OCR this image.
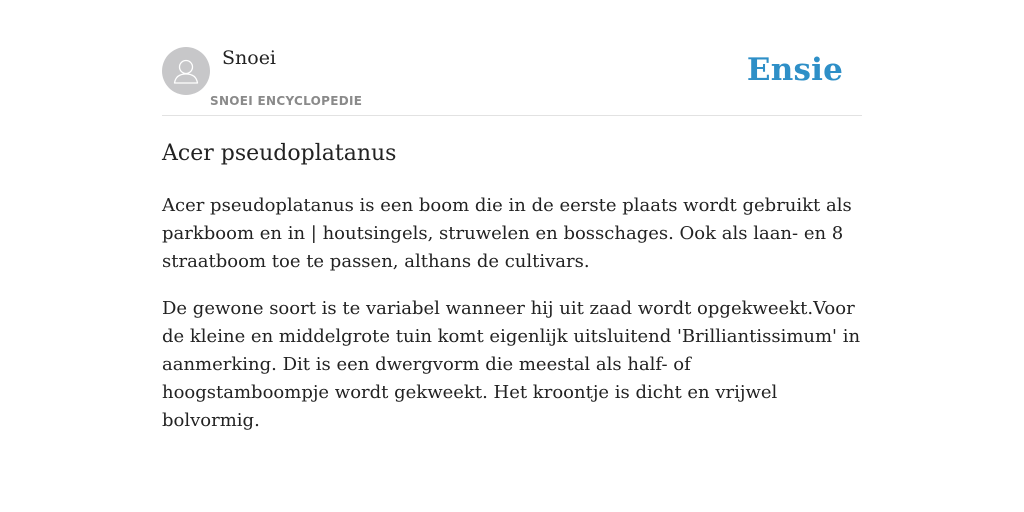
Snoei
SNOEI ENCYCLOPEDIE
Ensie
Acer pseudoplatanus

Acer pseudoplatanus is een boom die in de eerste plaats wordt gebruikt als parkboom en in | houtsingels, struwelen en bosschages. Ook als laan- en 8 straatboom toe te passen, althans de cultivars.

De gewone soort is te variabel wanneer hij uit zaad wordt opgekweekt.Voor de kleine en middelgrote tuin komt eigenlijk uitsluitend 'Brilliantissimum' in aanmerking. Dit is een dwergvorm die meestal als half- of hoogstamboompje wordt gekweekt. Het kroontje is dicht en vrijwel bolvormig.
